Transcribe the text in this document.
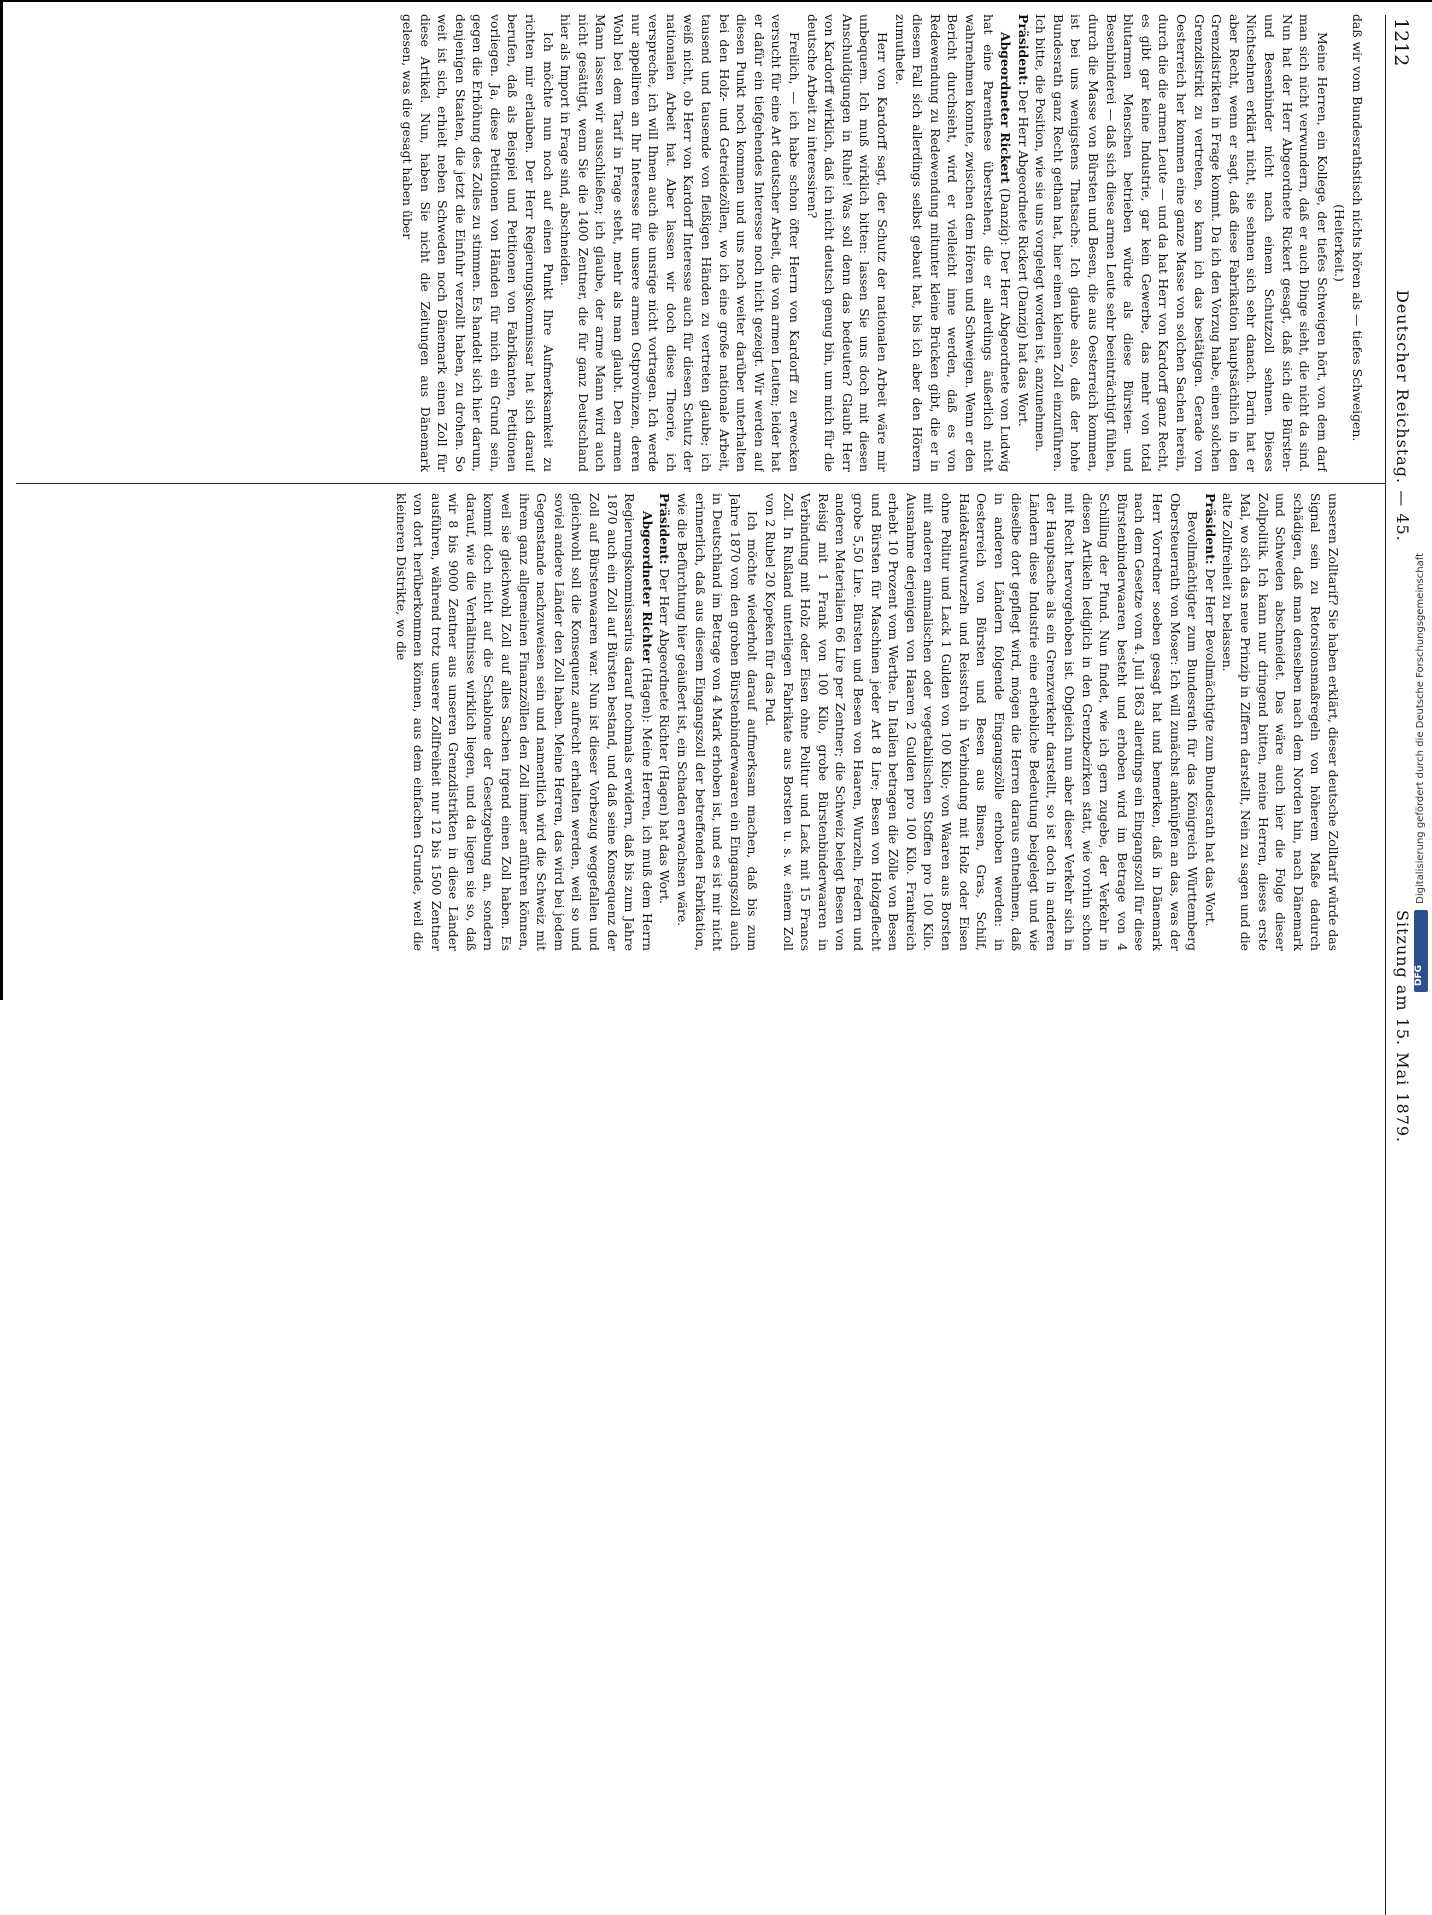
1212
Deutscher Reichstag. — 45.
Sitzung am 15. Mai 1879.

daß wir vom Bundesrathstisch nichts hören als — tiefes Schweigen.

(Heiterkeit.)

Meine Herren, ein Kollege, der tiefes Schweigen hört, von dem darf man sich nicht verwundern, daß er auch Dinge sieht, die nicht da sind. Nun hat der Herr Abgeordnete Rickert gesagt, daß sich die Bürsten- und Besenbinder nicht nach einem Schutzzoll sehnen. Dieses Nichtsehnen erklärt nicht, sie sehnen sich sehr danach. Darin hat er aber Recht, wenn er sagt, daß diese Fabrikation hauptsächlich in den Grenzdistrikten in Frage kommt. Da ich den Vorzug habe, einen solchen Grenzdistrikt zu vertreten, so kann ich das bestätigen. Gerade von Oesterreich her kommen eine ganze Masse von solchen Sachen herein, durch die die armen Leute — und da hat Herr von Kardorff ganz Recht, es gibt gar keine Industrie, gar kein Gewerbe, das mehr von total blutarmen Menschen betrieben würde als diese Bürsten- und Besenbinderei — daß sich diese armen Leute sehr beeinträchtigt fühlen, durch die Masse von Bürsten und Besen, die aus Oesterreich kommen, ist bei uns wenigstens Thatsache. Ich glaube also, daß der hohe Bundesrath ganz Recht gethan hat, hier einen kleinen Zoll einzuführen. Ich bitte, die Position, wie sie uns vorgelegt worden ist, anzunehmen.

Präsident: Der Herr Abgeordnete Rickert (Danzig) hat das Wort.

Abgeordneter Rickert (Danzig): Der Herr Abgeordnete von Ludwig hat eine Parenthese überstehen, die er allerdings äußerlich nicht wahrnehmen konnte, zwischen dem Hören und Schweigen. Wenn er den Bericht durchsieht, wird er vielleicht inne werden, daß es von Redewendung zu Redewendung mitunter kleine Brücken gibt, die er in diesem Fall sich allerdings selbst gebaut hat, bis ich aber den Hörern zumuthete.

Herr von Kardorff sagt, der Schutz der nationalen Arbeit wäre mir unbequem. Ich muß wirklich bitten: lassen Sie uns doch mit diesen Anschuldigungen in Ruhe! Was soll denn das bedeuten? Glaubt Herr von Kardorff wirklich, daß ich nicht deutsch genug bin, um mich für die deutsche Arbeit zu interessiren?

Freilich, — ich habe schon öfter Herrn von Kardorff zu erwecken versucht für eine Art deutscher Arbeit, die von armen Leuten; leider hat er dafür ein tiefgehendes Interesse noch nicht gezeigt. Wir werden auf diesen Punkt noch kommen und uns noch weiter darüber unterhalten bei den Holz- und Getreidezöllen, wo ich eine große nationale Arbeit, tausend und tausende von fleißigen Händen zu vertreten glaube; ich weiß nicht, ob Herr von Kardorff Interesse auch für diesen Schutz der nationalen Arbeit hat. Aber lassen wir doch diese Theorie, ich verspreche, ich will Ihnen auch die unsrige nicht vortragen. Ich werde nur appelliren an Ihr Interesse für unsere armen Ostprovinzen, deren Wohl bei dem Tarif in Frage steht, mehr als man glaubt. Den armen Mann lassen wir ausschließen; ich glaube, der arme Mann wird auch nicht gesättigt, wenn Sie die 1400 Zentner, die für ganz Deutschland hier als Import in Frage sind, abschneiden.

Ich möchte nun noch auf einen Punkt Ihre Aufmerksamkeit zu richten mir erlauben. Der Herr Regierungskommissar hat sich darauf berufen, daß als Beispiel und Petitionen von Fabrikanten, Petitionen vorliegen. Ja, diese Petitionen von Händen für mich ein Grund sein, gegen die Erhöhung des Zolles zu stimmen. Es handelt sich hier darum, denjenigen Staaten, die jetzt die Einfuhr verzollt haben, zu drohen. So weit ist sich, erhielt neben Schweden noch Dänemark einen Zoll für diese Artikel. Nun, haben Sie nicht die Zeitungen aus Dänemark gelesen, was die gesagt haben über

unseren Zolltarif? Sie haben erklärt, dieser deutsche Zolltarif würde das Signal sein zu Retorsionsmaßregeln von höherem Maße dadurch schädigen, daß man denselben nach dem Norden hin, nach Dänemark und Schweden abschneidet. Das wäre auch hier die Folge dieser Zollpolitik. Ich kann nur dringend bitten, meine Herren, dieses erste Mal, wo sich das neue Prinzip in Ziffern darstellt, Nein zu sagen und die alte Zollfreiheit zu belassen.

Präsident: Der Herr Bevollmächtigte zum Bundesrath hat das Wort.

Bevollmächtigter zum Bundesrath für das Königreich Württemberg Obersteuerrath von Moser: Ich will zunächst anknüpfen an das, was der Herr Vorredner soeben gesagt hat und bemerken, daß in Dänemark nach dem Gesetze vom 4. Juli 1863 allerdings ein Eingangszoll für diese Bürstenbinderwaaren besteht und erhoben wird im Betrage von 4 Schilling der Pfund. Nun findet, wie ich gern zugebe, der Verkehr in diesen Artikeln lediglich in den Grenzbezirken statt, wie vorhin schon mit Recht hervorgehoben ist. Obgleich nun aber dieser Verkehr sich in der Hauptsache als ein Grenzverkehr darstellt, so ist doch in anderen Ländern diese Industrie eine erhebliche Bedeutung beigelegt und wie dieselbe dort gepflegt wird, mögen die Herren daraus entnehmen, daß in anderen Ländern folgende Eingangszölle erhoben werden: in Oesterreich von Bürsten und Besen aus Binsen, Gras, Schilf, Haidekrautwurzeln und Reisstroh in Verbindung mit Holz oder Eisen ohne Politur und Lack 1 Gulden von 100 Kilo; von Waaren aus Borsten mit anderen animalischen oder vegetabilischen Stoffen pro 100 Kilo. Ausnahme derjenigen von Haaren 2 Gulden pro 100 Kilo. Frankreich erhebt 10 Prozent vom Werthe. In Italien betragen die Zölle von Besen und Bürsten für Maschinen jeder Art 8 Lire; Besen von Holzgeflecht grobe 5,50 Lire. Bürsten und Besen von Haaren, Wurzeln, Federn und anderen Materialien 66 Lire per Zentner; die Schweiz belegt Besen von Reisig mit 1 Frank von 100 Kilo, grobe Bürstenbinderwaaren in Verbindung mit Holz oder Eisen ohne Politur und Lack mit 15 Francs Zoll. In Rußland unterliegen Fabrikate aus Borsten u. s. w. einem Zoll von 2 Rubel 20 Kopeken für das Pud.

Ich möchte wiederholt darauf aufmerksam machen, daß bis zum Jahre 1870 von den groben Bürstenbinderwaaren ein Eingangszoll auch in Deutschland im Betrage von 4 Mark erhoben ist, und es ist mir nicht erinnerlich, daß aus diesem Eingangszoll der betreffenden Fabrikation, wie die Befürchtung hier geäußert ist, ein Schaden erwachsen wäre.

Präsident: Der Herr Abgeordnete Richter (Hagen) hat das Wort.

Abgeordneter Richter (Hagen): Meine Herren, ich muß dem Herrn Regierungskommissarius darauf nochmals erwidern, daß bis zum Jahre 1870 auch ein Zoll auf Bürsten bestand, und daß seine Konsequenz der Zoll auf Bürstenwaaren war. Nun ist dieser Vorbezug weggefallen und gleichwohl soll die Konsequenz aufrecht erhalten werden, weil so und soviel andere Länder den Zoll haben. Meine Herren, das wird bei jedem Gegenstande nachzuweisen sein und namentlich wird die Schweiz mit ihrem ganz allgemeinen Finanzzöllen den Zoll immer anführen können, weil sie gleichwohl Zoll auf alles Sachen irgend einen Zoll haben. Es kommt doch nicht auf die Schablone der Gesetzgebung an, sondern darauf, wie die Verhältnisse wirklich liegen, und da liegen sie so, daß wir 8 bis 9000 Zentner aus unseren Grenzdistrikten in diese Länder ausführen, während trotz unserer Zollfreiheit nur 12 bis 1500 Zentner von dort herüberkommen können, aus dem einfachen Grunde, weil die kleineren Distrikte, wo die	Digitalisierung gefördert durch die Deutsche Forschungsgemeinschaft
DFG
